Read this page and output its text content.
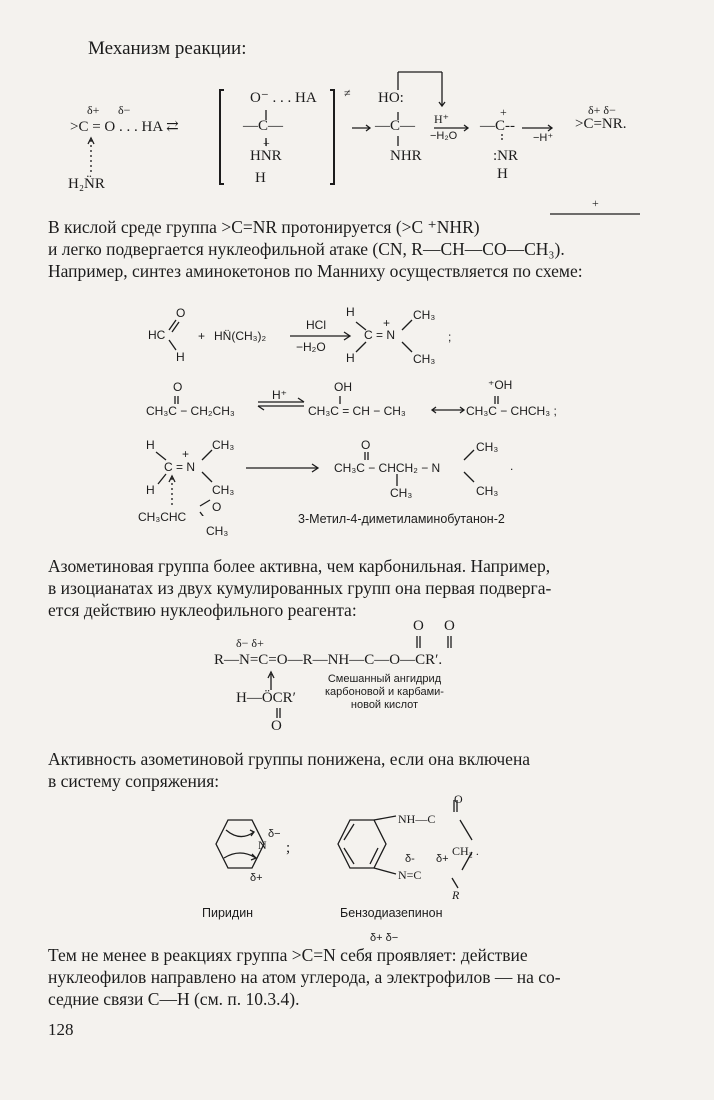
Механизм реакции:
δ+ δ−
>C = O . . . HA ⇄
H₂N̈R
O⁻ . . . HA
—C—
+
HNR
H
≠ HO:
—C—
NHR
H⁺
−H₂O
+
—C--
:NR
H
−H⁺
δ+ δ−
>C=NR.
+
В кислой среде группа >C=NR протонируется (>C ⁺NHR)
и легко подвергается нуклеофильной атаке (CN, R—CH—CO—CH₃).
Например, синтез аминокетонов по Манниху осуществляется по схеме:
O
HC
H
+ HN̈(CH₃)₂
HCl
−H₂O
H
H
C = N
+
CH₃
CH₃
;
O
CH₃C − CH₂CH₃
H⁺
OH
CH₃C = CH − CH₃
⁺OH
CH₃C − CHCH₃ ;
H
+
C = N
CH₃
CH₃
H
CH₃CHC
O
CH₃
O
CH₃C − CHCH₂ − N
CH₃
CH₃
CH₃
.
3-Метил-4-диметиламинобутанон-2
Азометиновая группа более активна, чем карбонильная. Например,
в изоцианатах из двух кумулированных групп она первая подверга-
ется действию нуклеофильного реагента:
O O
δ− δ+
R—N=C=O—R—NH—C—O—CR′.
H—ÖCR′
O
Смешанный ангидрид
карбоновой и карбами-
новой кислот
Активность азометиновой группы понижена, если она включена
в систему сопряжения:
N
δ−
δ+
;
Пиридин
O
NH—C
CH₂ .
N=C
δ- δ+
R
Бензодиазепинон
δ+ δ−
Тем не менее в реакциях группа >C=N себя проявляет: действие
нуклеофилов направлено на атом углерода, а электрофилов — на со-
седние связи C—H (см. п. 10.3.4).
128
